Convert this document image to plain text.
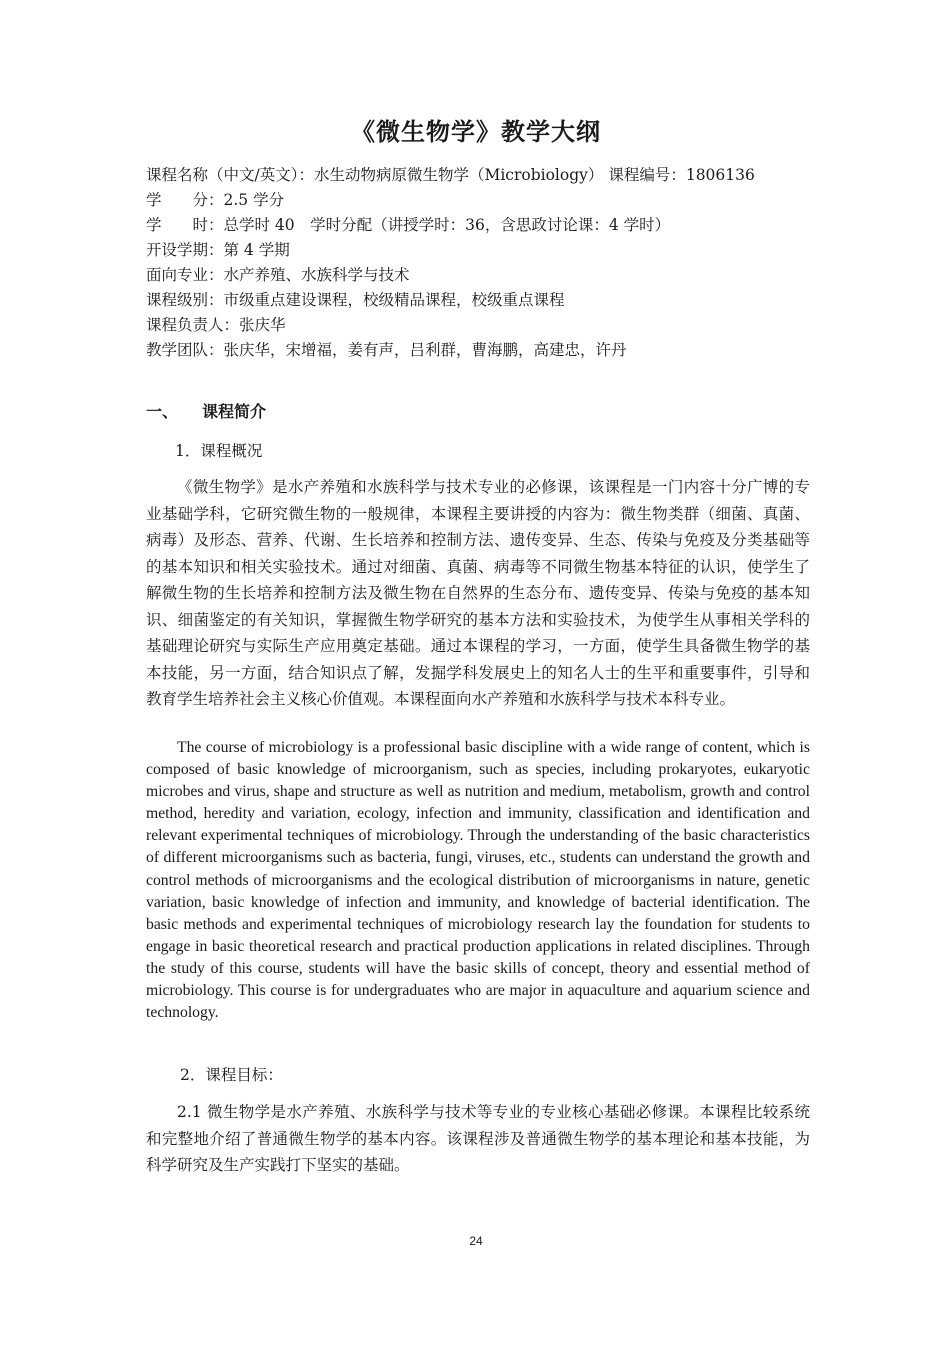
《微生物学》教学大纲
课程名称（中文/英文）：水生动物病原微生物学（Microbiology） 课程编号：1806136
学　　分：2.5 学分
学　　时：总学时 40　学时分配（讲授学时：36，含思政讨论课：4 学时）
开设学期：第 4 学期
面向专业：水产养殖、水族科学与技术
课程级别：市级重点建设课程，校级精品课程，校级重点课程
课程负责人：张庆华
教学团队：张庆华，宋增福，姜有声，吕利群，曹海鹏，高建忠，许丹
一、 课程简介
1．课程概况
《微生物学》是水产养殖和水族科学与技术专业的必修课，该课程是一门内容十分广博的专业基础学科，它研究微生物的一般规律，本课程主要讲授的内容为：微生物类群（细菌、真菌、病毒）及形态、营养、代谢、生长培养和控制方法、遗传变异、生态、传染与免疫及分类基础等的基本知识和相关实验技术。通过对细菌、真菌、病毒等不同微生物基本特征的认识，使学生了解微生物的生长培养和控制方法及微生物在自然界的生态分布、遗传变异、传染与免疫的基本知识、细菌鉴定的有关知识，掌握微生物学研究的基本方法和实验技术，为使学生从事相关学科的基础理论研究与实际生产应用奠定基础。通过本课程的学习，一方面，使学生具备微生物学的基本技能，另一方面，结合知识点了解，发掘学科发展史上的知名人士的生平和重要事件，引导和教育学生培养社会主义核心价值观。本课程面向水产养殖和水族科学与技术本科专业。
The course of microbiology is a professional basic discipline with a wide range of content, which is composed of basic knowledge of microorganism, such as species, including prokaryotes, eukaryotic microbes and virus, shape and structure as well as nutrition and medium, metabolism, growth and control method, heredity and variation, ecology, infection and immunity, classification and identification and relevant experimental techniques of microbiology. Through the understanding of the basic characteristics of different microorganisms such as bacteria, fungi, viruses, etc., students can understand the growth and control methods of microorganisms and the ecological distribution of microorganisms in nature, genetic variation, basic knowledge of infection and immunity, and knowledge of bacterial identification. The basic methods and experimental techniques of microbiology research lay the foundation for students to engage in basic theoretical research and practical production applications in related disciplines. Through the study of this course, students will have the basic skills of concept, theory and essential method of microbiology. This course is for undergraduates who are major in aquaculture and aquarium science and technology.
2．课程目标：
2.1 微生物学是水产养殖、水族科学与技术等专业的专业核心基础必修课。本课程比较系统和完整地介绍了普通微生物学的基本内容。该课程涉及普通微生物学的基本理论和基本技能，为科学研究及生产实践打下坚实的基础。
24
